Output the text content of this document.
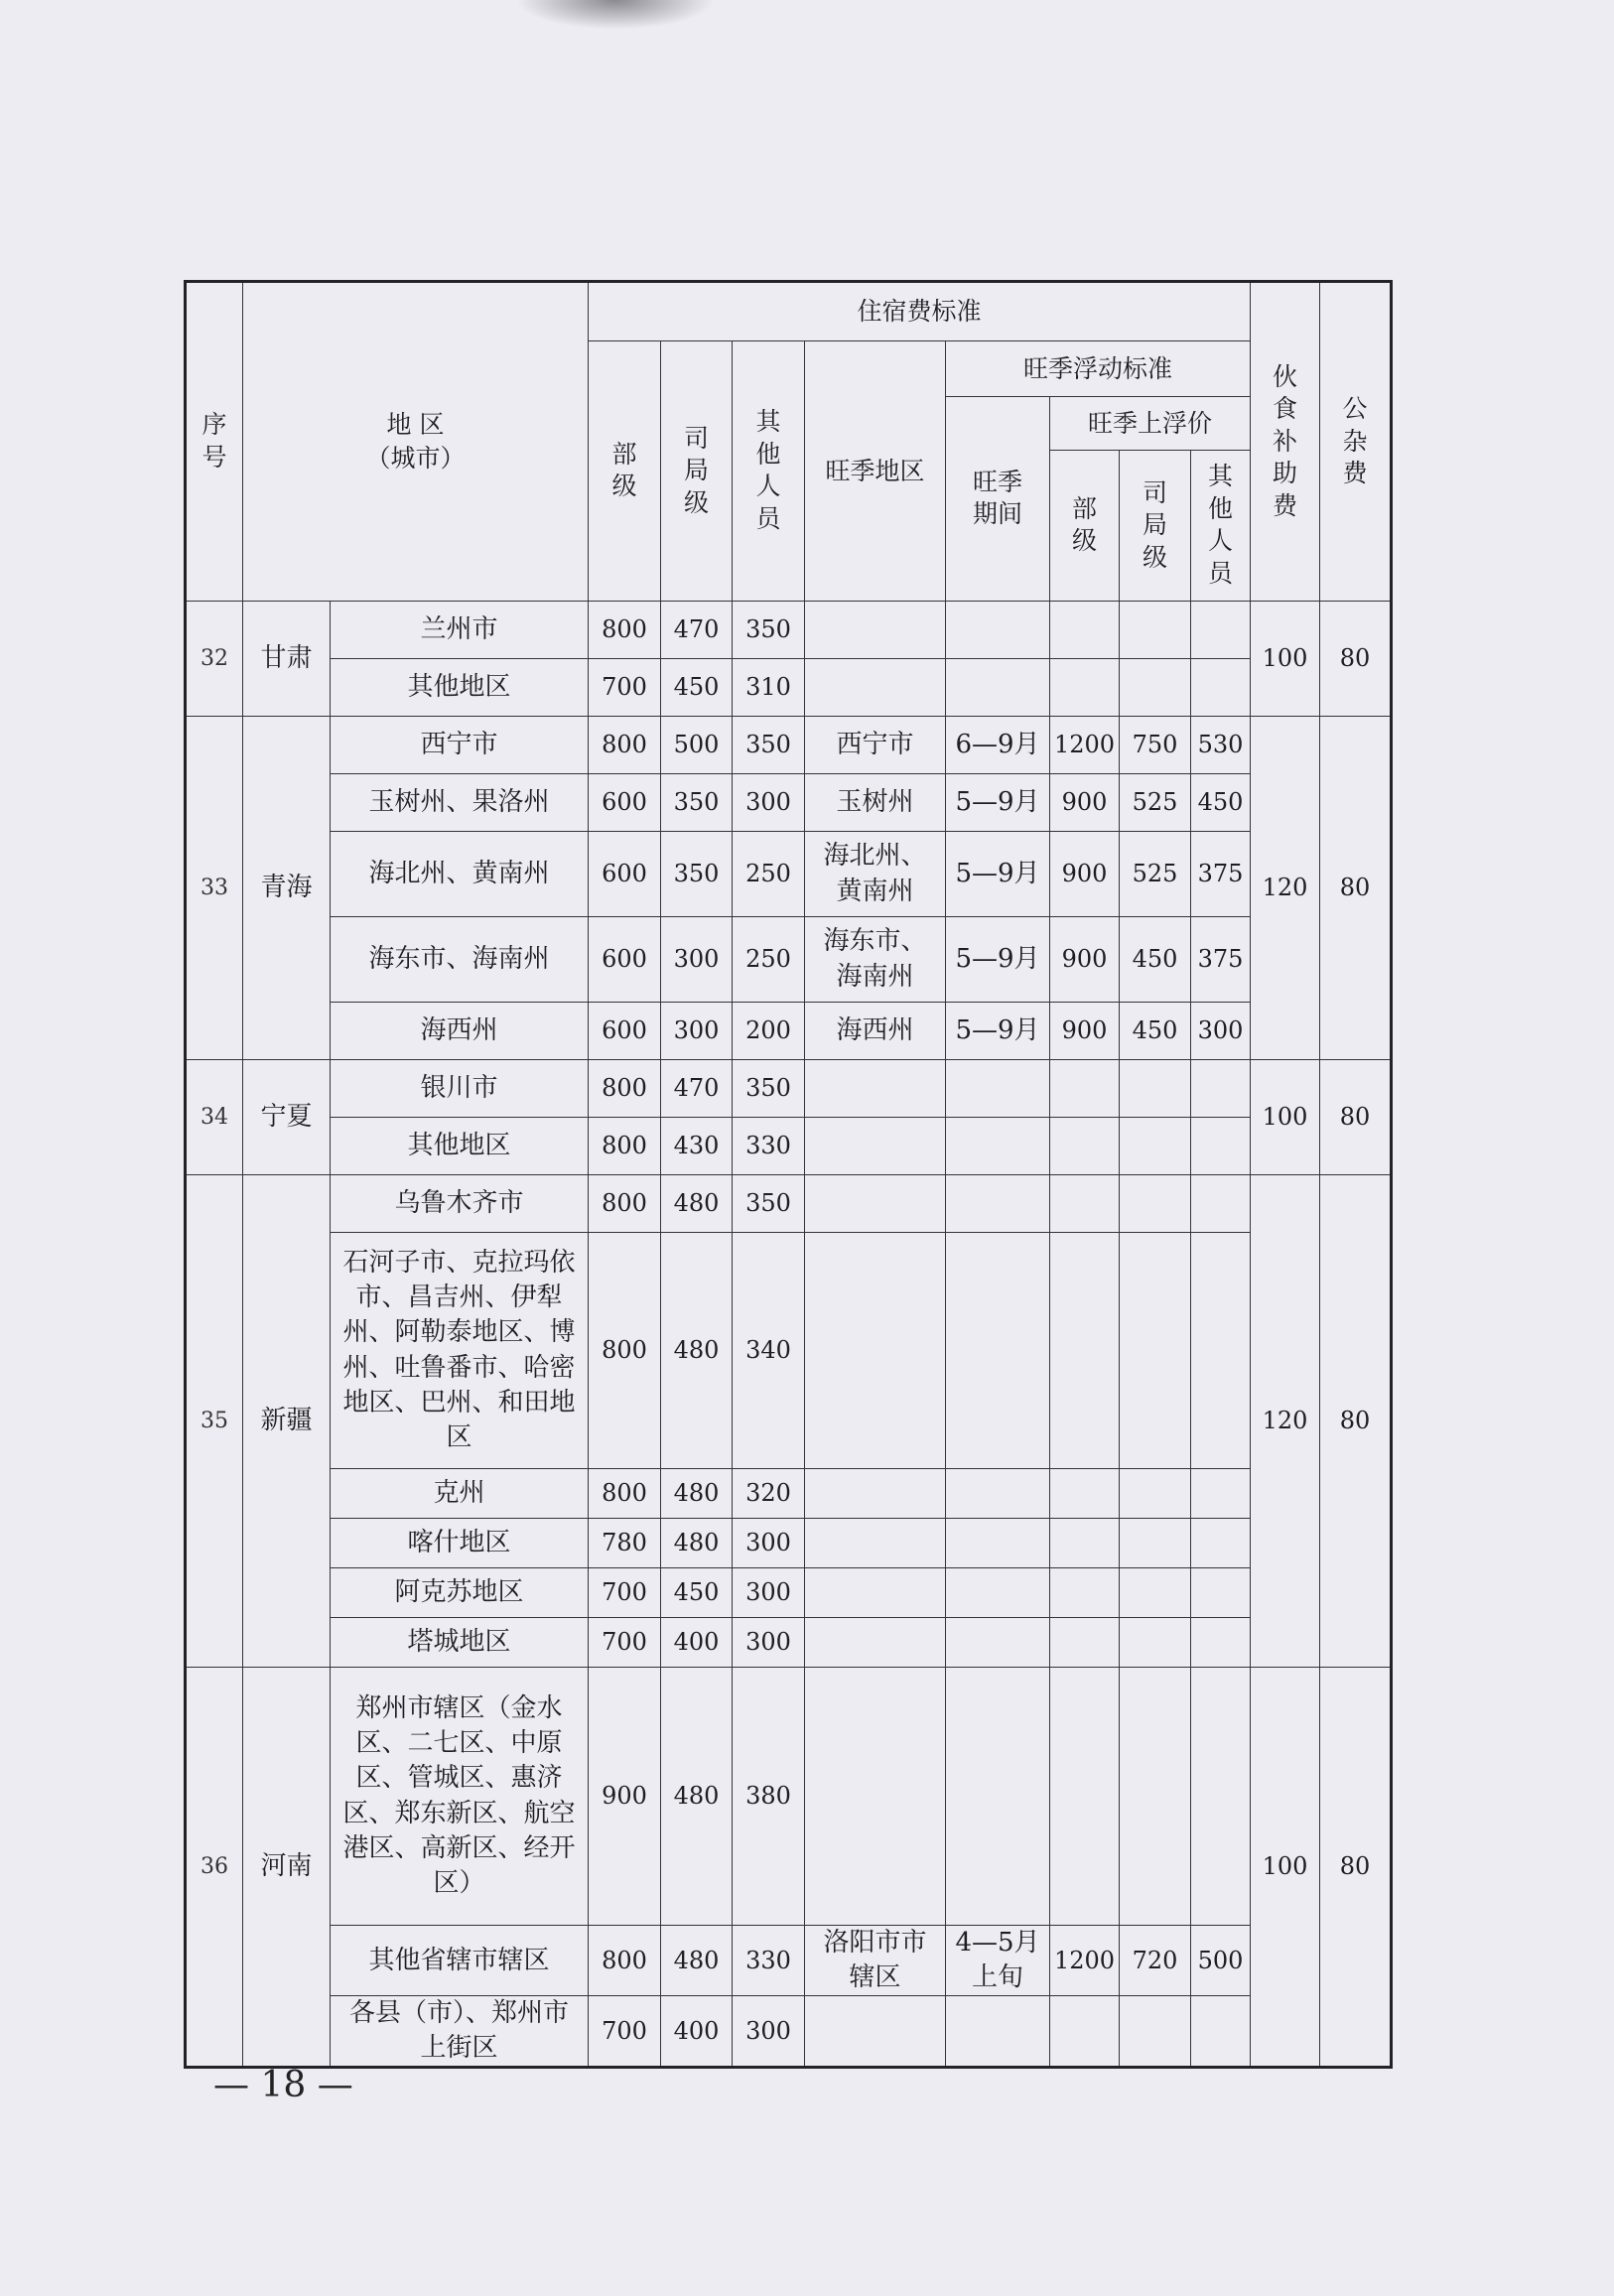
序号	地 区
（城市）		住宿费标准								伙食补助费	公杂费
			部级	司局级	其他人员	旺季地区	旺季浮动标准					
							旺季期间	旺季上浮价				
								部级	司局级	其他人员		
32	甘肃	兰州市	800	470	350						100	80
		其他地区	700	450	310							
33	青海	西宁市	800	500	350	西宁市	6—9月	1200	750	530	120	80
		玉树州、果洛州	600	350	300	玉树州	5—9月	900	525	450		
		海北州、黄南州	600	350	250	海北州、黄南州	5—9月	900	525	375		
		海东市、海南州	600	300	250	海东市、海南州	5—9月	900	450	375		
		海西州	600	300	200	海西州	5—9月	900	450	300		
34	宁夏	银川市	800	470	350						100	80
		其他地区	800	430	330							
35	新疆	乌鲁木齐市	800	480	350						120	80
		石河子市、克拉玛依市、昌吉州、伊犁州、阿勒泰地区、博州、吐鲁番市、哈密地区、巴州、和田地区	800	480	340							
		克州	800	480	320							
		喀什地区	780	480	300							
		阿克苏地区	700	450	300							
		塔城地区	700	400	300							
36	河南	郑州市辖区（金水区、二七区、中原区、管城区、惠济区、郑东新区、航空港区、高新区、经开区）	900	480	380						100	80
		其他省辖市辖区	800	480	330	洛阳市市辖区	4—5月上旬	1200	720	500		
		各县（市）、郑州市上街区	700	400	300							
— 18 —
